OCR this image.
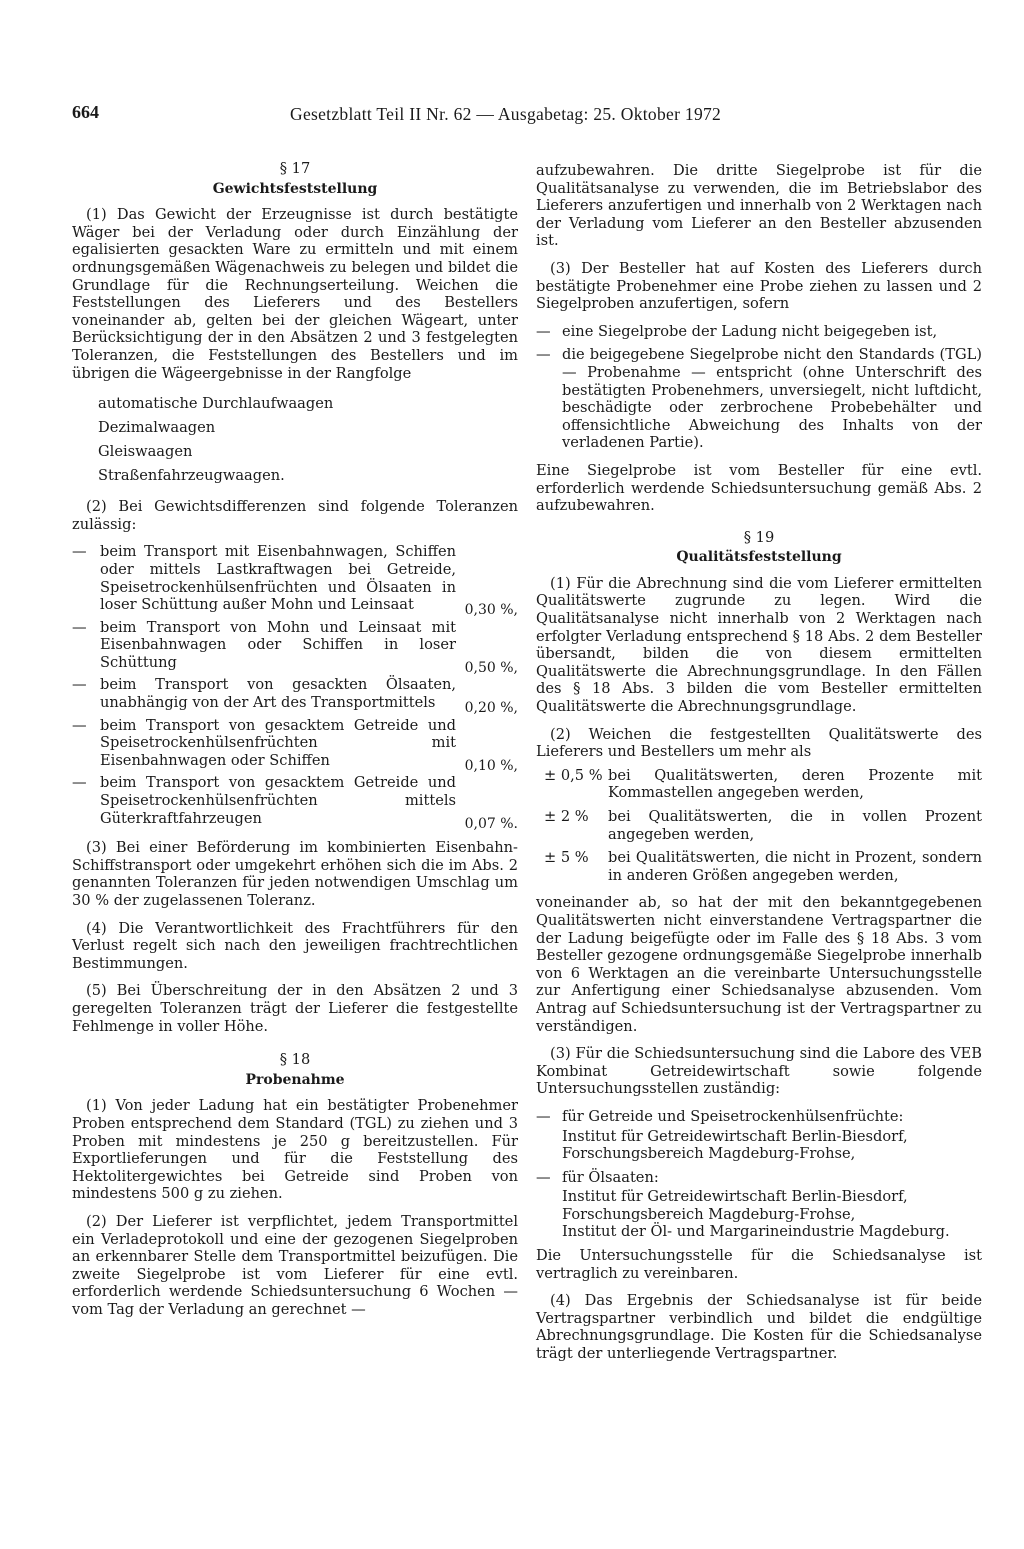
664	Gesetzblatt Teil II Nr. 62 — Ausgabetag: 25. Oktober 1972
§ 17
Gewichtsfeststellung

(1) Das Gewicht der Erzeugnisse ist durch bestätigte Wäger bei der Verladung oder durch Einzählung der egalisierten gesackten Ware zu ermitteln und mit einem ordnungsgemäßen Wägenachweis zu belegen und bildet die Grundlage für die Rechnungserteilung. Weichen die Feststellungen des Lieferers und des Bestellers voneinander ab, gelten bei der gleichen Wägeart, unter Berücksichtigung der in den Absätzen 2 und 3 festgelegten Toleranzen, die Feststellungen des Bestellers und im übrigen die Wägeergebnisse in der Rangfolge

automatische Durchlaufwaagen
Dezimalwaagen
Gleiswaagen
Straßenfahrzeugwaagen.

(2) Bei Gewichtsdifferenzen sind folgende Toleranzen zulässig:

— beim Transport mit Eisenbahnwagen, Schiffen oder mittels Lastkraftwagen bei Getreide, Speisetrockenhülsenfrüchten und Ölsaaten in loser Schüttung außer Mohn und Leinsaat	0,30 %,
— beim Transport von Mohn und Leinsaat mit Eisenbahnwagen oder Schiffen in loser Schüttung	0,50 %,
— beim Transport von gesackten Ölsaaten, unabhängig von der Art des Transportmittels	0,20 %,
— beim Transport von gesacktem Getreide und Speisetrockenhülsenfrüchten mit Eisenbahnwagen oder Schiffen	0,10 %,
— beim Transport von gesacktem Getreide und Speisetrockenhülsenfrüchten mittels Güterkraftfahrzeugen	0,07 %.

(3) Bei einer Beförderung im kombinierten Eisenbahn-Schiffstransport oder umgekehrt erhöhen sich die im Abs. 2 genannten Toleranzen für jeden notwendigen Umschlag um 30 % der zugelassenen Toleranz.

(4) Die Verantwortlichkeit des Frachtführers für den Verlust regelt sich nach den jeweiligen frachtrechtlichen Bestimmungen.

(5) Bei Überschreitung der in den Absätzen 2 und 3 geregelten Toleranzen trägt der Lieferer die festgestellte Fehlmenge in voller Höhe.

§ 18
Probenahme

(1) Von jeder Ladung hat ein bestätigter Probenehmer Proben entsprechend dem Standard (TGL) zu ziehen und 3 Proben mit mindestens je 250 g bereitzustellen. Für Exportlieferungen und für die Feststellung des Hektolitergewichtes bei Getreide sind Proben von mindestens 500 g zu ziehen.

(2) Der Lieferer ist verpflichtet, jedem Transportmittel ein Verladeprotokoll und eine der gezogenen Siegelproben an erkennbarer Stelle dem Transportmittel beizufügen. Die zweite Siegelprobe ist vom Lieferer für eine evtl. erforderlich werdende Schiedsuntersuchung 6 Wochen — vom Tag der Verladung an gerechnet —

aufzubewahren. Die dritte Siegelprobe ist für die Qualitätsanalyse zu verwenden, die im Betriebslabor des Lieferers anzufertigen und innerhalb von 2 Werktagen nach der Verladung vom Lieferer an den Besteller abzusenden ist.

(3) Der Besteller hat auf Kosten des Lieferers durch bestätigte Probenehmer eine Probe ziehen zu lassen und 2 Siegelproben anzufertigen, sofern

— eine Siegelprobe der Ladung nicht beigegeben ist,
— die beigegebene Siegelprobe nicht den Standards (TGL) — Probenahme — entspricht (ohne Unterschrift des bestätigten Probenehmers, unversiegelt, nicht luftdicht, beschädigte oder zerbrochene Probebehälter und offensichtliche Abweichung des Inhalts von der verladenen Partie).

Eine Siegelprobe ist vom Besteller für eine evtl. erforderlich werdende Schiedsuntersuchung gemäß Abs. 2 aufzubewahren.

§ 19
Qualitätsfeststellung

(1) Für die Abrechnung sind die vom Lieferer ermittelten Qualitätswerte zugrunde zu legen. Wird die Qualitätsanalyse nicht innerhalb von 2 Werktagen nach erfolgter Verladung entsprechend § 18 Abs. 2 dem Besteller übersandt, bilden die von diesem ermittelten Qualitätswerte die Abrechnungsgrundlage. In den Fällen des § 18 Abs. 3 bilden die vom Besteller ermittelten Qualitätswerte die Abrechnungsgrundlage.

(2) Weichen die festgestellten Qualitätswerte des Lieferers und Bestellers um mehr als

± 0,5 % bei Qualitätswerten, deren Prozente mit Kommastellen angegeben werden,
± 2 % bei Qualitätswerten, die in vollen Prozent angegeben werden,
± 5 % bei Qualitätswerten, die nicht in Prozent, sondern in anderen Größen angegeben werden,

voneinander ab, so hat der mit den bekanntgegebenen Qualitätswerten nicht einverstandene Vertragspartner die der Ladung beigefügte oder im Falle des § 18 Abs. 3 vom Besteller gezogene ordnungsgemäße Siegelprobe innerhalb von 6 Werktagen an die vereinbarte Untersuchungsstelle zur Anfertigung einer Schiedsanalyse abzusenden. Vom Antrag auf Schiedsuntersuchung ist der Vertragspartner zu verständigen.

(3) Für die Schiedsuntersuchung sind die Labore des VEB Kombinat Getreidewirtschaft sowie folgende Untersuchungsstellen zuständig:

— für Getreide und Speisetrockenhülsenfrüchte:
Institut für Getreidewirtschaft Berlin-Biesdorf, Forschungsbereich Magdeburg-Frohse,
— für Ölsaaten:
Institut für Getreidewirtschaft Berlin-Biesdorf, Forschungsbereich Magdeburg-Frohse,
Institut der Öl- und Margarineindustrie Magdeburg.

Die Untersuchungsstelle für die Schiedsanalyse ist vertraglich zu vereinbaren.

(4) Das Ergebnis der Schiedsanalyse ist für beide Vertragspartner verbindlich und bildet die endgültige Abrechnungsgrundlage. Die Kosten für die Schiedsanalyse trägt der unterliegende Vertragspartner.
